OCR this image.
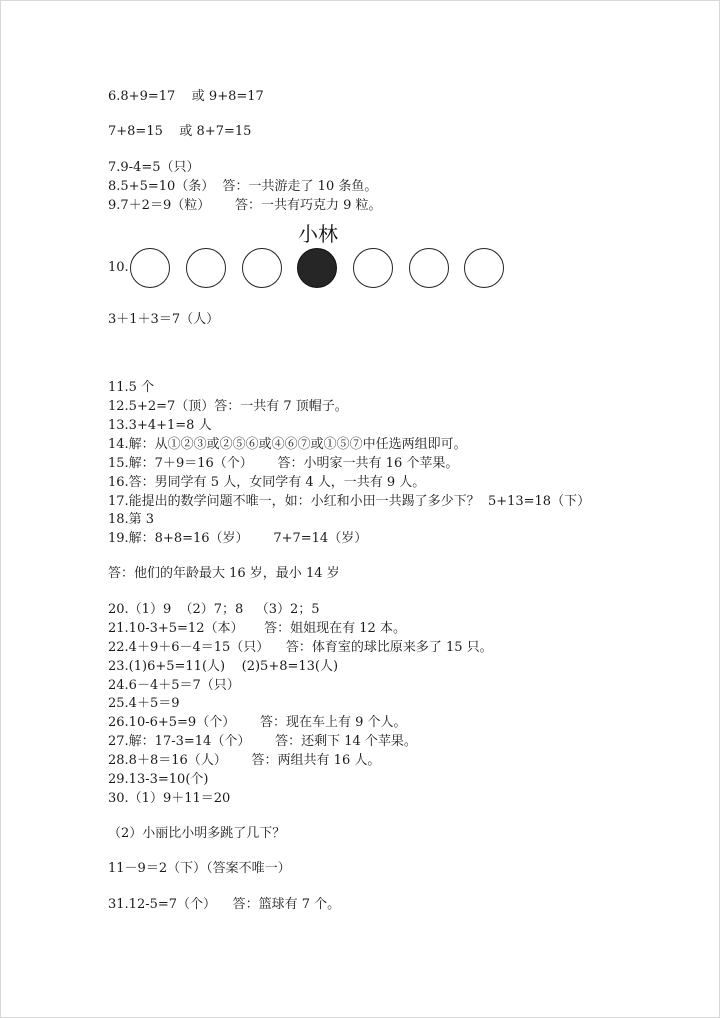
6.8+9=17    或 9+8=17
7+8=15    或 8+7=15
7.9-4=5（只）
8.5+5=10（条）  答：一共游走了 10 条鱼。
9.7＋2＝9（粒）      答：一共有巧克力 9 粒。
小林
10.
3＋1＋3＝7（人）
11.5 个
12.5+2=7（顶）答：一共有 7 顶帽子。
13.3+4+1=8 人
14.解：从①②③或②⑤⑥或④⑥⑦或①⑤⑦中任选两组即可。
15.解：7＋9＝16（个）      答：小明家一共有 16 个苹果。
16.答：男同学有 5 人，女同学有 4 人，一共有 9 人。
17.能提出的数学问题不唯一，如：小红和小田一共踢了多少下？  5+13=18（下）
18.第 3
19.解：8+8=16（岁）      7+7=14（岁）
答：他们的年龄最大 16 岁，最小 14 岁
20.（1）9  （2）7；8   （3）2；5
21.10-3+5=12（本）     答：姐姐现在有 12 本。
22.4＋9＋6－4＝15（只）    答：体育室的球比原来多了 15 只。
23.(1)6+5=11(人)    (2)5+8=13(人)
24.6－4＋5＝7（只）
25.4＋5＝9
26.10-6+5=9（个）      答：现在车上有 9 个人。
27.解：17-3=14（个）      答：还剩下 14 个苹果。
28.8＋8＝16（人）      答：两组共有 16 人。
29.13-3=10(个)
30.（1）9＋11＝20
（2）小丽比小明多跳了几下？
11－9＝2（下）（答案不唯一）
31.12-5=7（个）    答：篮球有 7 个。
